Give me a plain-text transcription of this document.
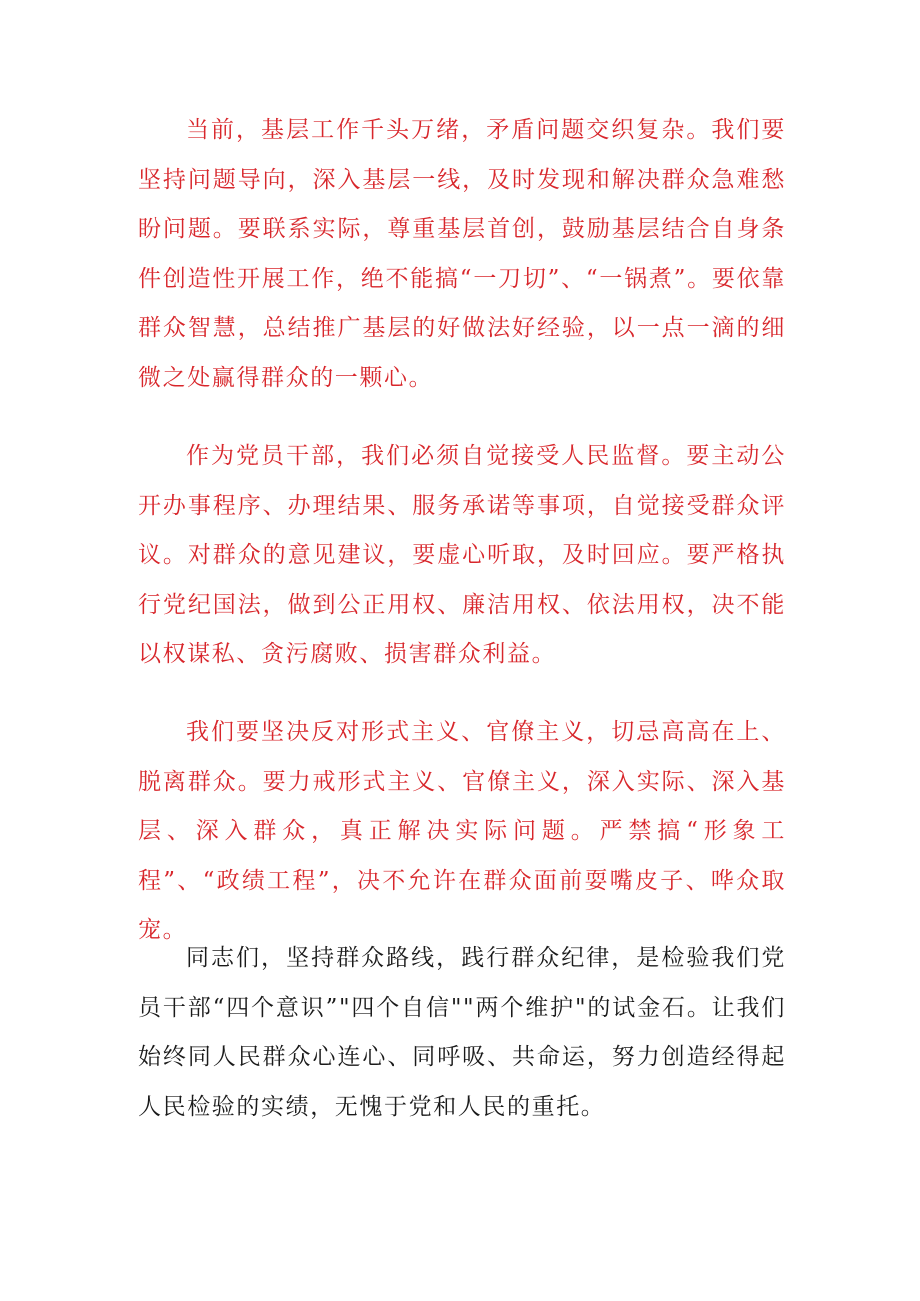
当前，基层工作千头万绪，矛盾问题交织复杂。我们要坚持问题导向，深入基层一线，及时发现和解决群众急难愁盼问题。要联系实际，尊重基层首创，鼓励基层结合自身条件创造性开展工作，绝不能搞“一刀切”、“一锅煮”。要依靠群众智慧，总结推广基层的好做法好经验，以一点一滴的细微之处赢得群众的一颗心。

作为党员干部，我们必须自觉接受人民监督。要主动公开办事程序、办理结果、服务承诺等事项，自觉接受群众评议。对群众的意见建议，要虚心听取，及时回应。要严格执行党纪国法，做到公正用权、廉洁用权、依法用权，决不能以权谋私、贪污腐败、损害群众利益。

我们要坚决反对形式主义、官僚主义，切忌高高在上、脱离群众。要力戒形式主义、官僚主义，深入实际、深入基层、深入群众，真正解决实际问题。严禁搞“形象工程”、“政绩工程”，决不允许在群众面前耍嘴皮子、哗众取宠。

同志们，坚持群众路线，践行群众纪律，是检验我们党员干部“四个意识”"四个自信""两个维护"的试金石。让我们始终同人民群众心连心、同呼吸、共命运，努力创造经得起人民检验的实绩，无愧于党和人民的重托。
